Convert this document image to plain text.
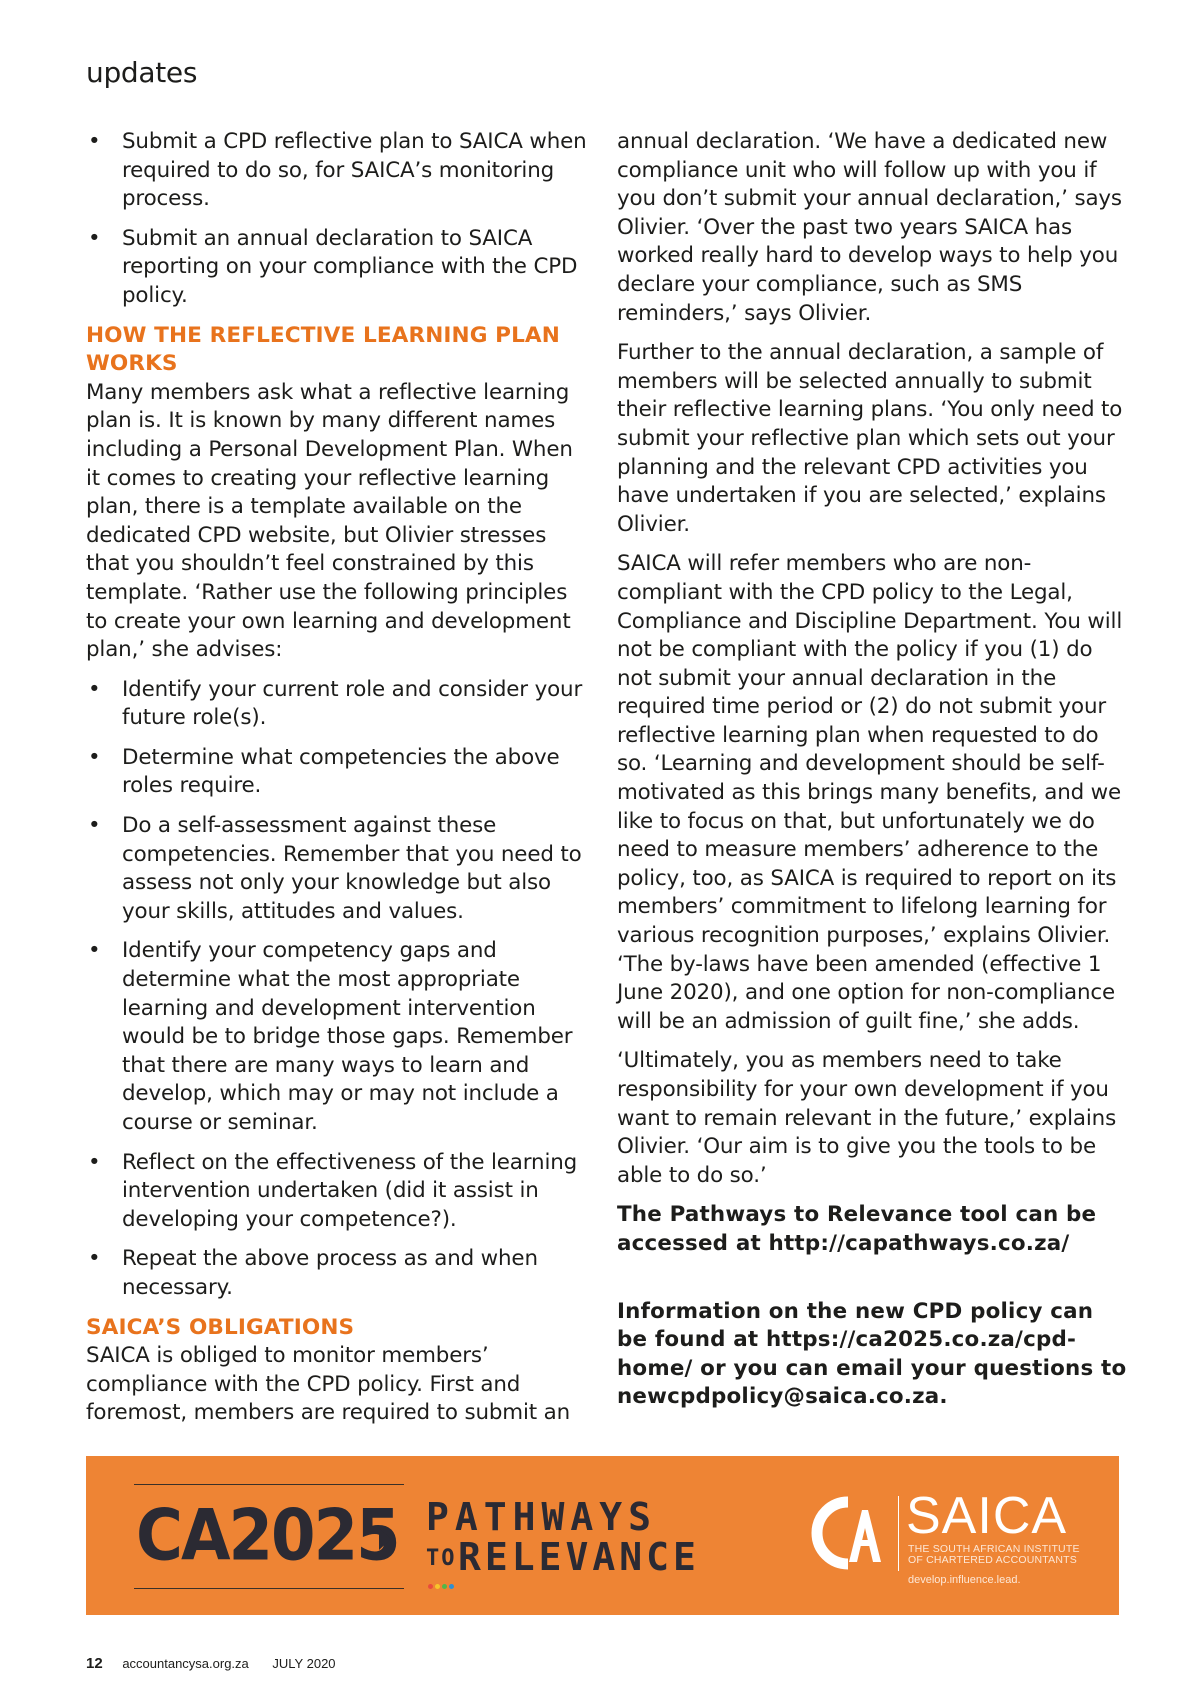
updates
• Submit a CPD reflective plan to SAICA when required to do so, for SAICA’s monitoring process.
• Submit an annual declaration to SAICA reporting on your compliance with the CPD policy.
HOW THE REFLECTIVE LEARNING PLAN WORKS

Many members ask what a reflective learning plan is. It is known by many different names including a Personal Development Plan. When it comes to creating your reflective learning plan, there is a template available on the dedicated CPD website, but Olivier stresses that you shouldn’t feel constrained by this template. ‘Rather use the following principles to create your own learning and development plan,’ she advises:

• Identify your current role and consider your future role(s).
• Determine what competencies the above roles require.
• Do a self-assessment against these competencies. Remember that you need to assess not only your knowledge but also your skills, attitudes and values.
• Identify your competency gaps and determine what the most appropriate learning and development intervention would be to bridge those gaps. Remember that there are many ways to learn and develop, which may or may not include a course or seminar.
• Reflect on the effectiveness of the learning intervention undertaken (did it assist in developing your competence?).
• Repeat the above process as and when necessary.
SAICA’S OBLIGATIONS

SAICA is obliged to monitor members’ compliance with the CPD policy. First and foremost, members are required to submit an

annual declaration. ‘We have a dedicated new compliance unit who will follow up with you if you don’t submit your annual declaration,’ says Olivier. ‘Over the past two years SAICA has worked really hard to develop ways to help you declare your compliance, such as SMS reminders,’ says Olivier.

Further to the annual declaration, a sample of members will be selected annually to submit their reflective learning plans. ‘You only need to submit your reflective plan which sets out your planning and the relevant CPD activities you have undertaken if you are selected,’ explains Olivier.

SAICA will refer members who are non-compliant with the CPD policy to the Legal, Compliance and Discipline Department. You will not be compliant with the policy if you (1) do not submit your annual declaration in the required time period or (2) do not submit your reflective learning plan when requested to do so. ‘Learning and development should be self-motivated as this brings many benefits, and we like to focus on that, but unfortunately we do need to measure members’ adherence to the policy, too, as SAICA is required to report on its members’ commitment to lifelong learning for various recognition purposes,’ explains Olivier. ‘The by-laws have been amended (effective 1 June 2020), and one option for non-compliance will be an admission of guilt fine,’ she adds.

‘Ultimately, you as members need to take responsibility for your own development if you want to remain relevant in the future,’ explains Olivier. ‘Our aim is to give you the tools to be able to do so.’

The Pathways to Relevance tool can be accessed at http://capathways.co.za/

Information on the new CPD policy can be found at https://ca2025.co.za/cpd-home/ or you can email your questions to newcpdpolicy@saica.co.za.

CA2025 PATHWAYS
TO RELEVANCE
SAICA
THE SOUTH AFRICAN INSTITUTE
OF CHARTERED ACCOUNTANTS
develop.influence.lead.
12 accountancysa.org.za JULY 2020
